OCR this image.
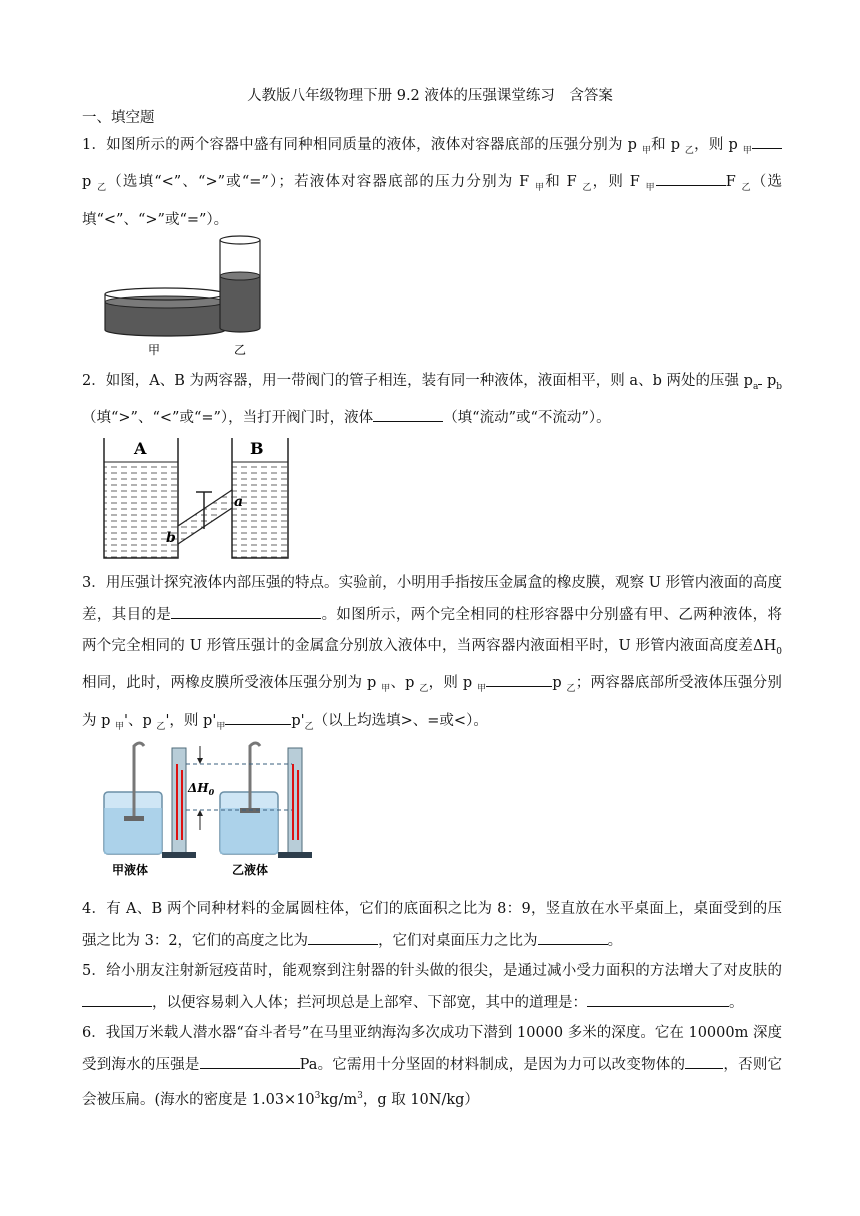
人教版八年级物理下册 9.2 液体的压强课堂练习　含答案
一、填空题
1．如图所示的两个容器中盛有同种相同质量的液体，液体对容器底部的压强分别为 p $_甲$和 p $_乙$，则 p $_甲$ p $_乙$（选填“<”、“>”或“=”）；若液体对容器底部的压力分别为 F $_甲$和 F $_乙$，则 F $_甲$	F $_乙$（选填“<”、“>”或“=”）。
甲	乙
2．如图，A、B 为两容器，用一带阀门的管子相连，装有同一种液体，液面相平，则 a、b 两处的压强 $p_a$ $p_b$（填“>”、“<”或“=”），当打开阀门时，液体	（填“流动”或“不流动”）。
A	B
a
b
3．用压强计探究液体内部压强的特点。实验前，小明用手指按压金属盒的橡皮膜，观察 U 形管内液面的高度差，其目的是	。如图所示，两个完全相同的柱形容器中分别盛有甲、乙两种液体，将两个完全相同的 U 形管压强计的金属盒分别放入液体中，当两容器内液面相平时，U 形管内液面高度差$\Delta H_0$相同，此时，两橡皮膜所受液体压强分别为 p $_甲$、p $_乙$，则 p $_甲$	p $_乙$；两容器底部所受液体压强分别为 p $_甲$'、p $_乙$'，则 $p'_甲$	$p'_乙$（以上均选填>、=或<）。
$\Delta H_0$
甲液体	乙液体
4．有 A、B 两个同种材料的金属圆柱体，它们的底面积之比为 8：9，竖直放在水平桌面上，桌面受到的压强之比为 3：2，它们的高度之比为	，它们对桌面压力之比为	。
5．给小朋友注射新冠疫苗时，能观察到注射器的针头做的很尖，是通过减小受力面积的方法增大了对皮肤的，以便容易刺入人体；拦河坝总是上部窄、下部宽，其中的道理是：	。
6．我国万米载人潜水器“奋斗者号”在马里亚纳海沟多次成功下潜到 10000 多米的深度。它在 10000m 深度受到海水的压强是	Pa。它需用十分坚固的材料制成，是因为力可以改变物体的	，否则它会被压扁。(海水的密度是 $1.03\times 10^3kg/m^3$，g 取 10N/kg）
